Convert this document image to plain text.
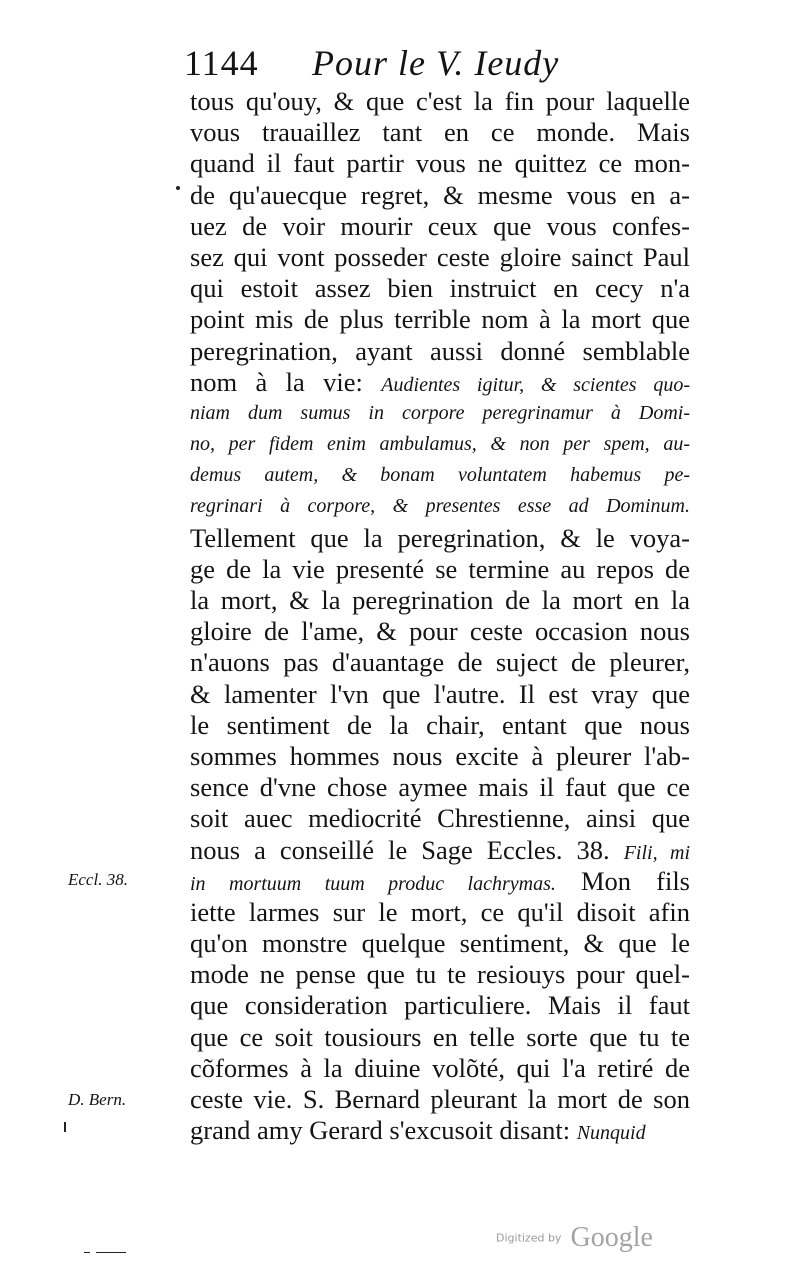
1144 Pour le V. Ieudy
tous qu'ouy, & que c'est la fin pour laquelle
vous trauaillez tant en ce monde. Mais
quand il faut partir vous ne quittez ce mon-
de qu'auecque regret, & mesme vous en a-
uez de voir mourir ceux que vous confes-
sez qui vont posseder ceste gloire sainct Paul
qui estoit assez bien instruict en cecy n'a
point mis de plus terrible nom à la mort que
peregrination, ayant aussi donné semblable
nom à la vie: Audientes igitur, & scientes quo-
niam dum sumus in corpore peregrinamur à Domi-
no, per fidem enim ambulamus, & non per spem, au-
demus autem, & bonam voluntatem habemus pe-
regrinari à corpore, & presentes esse ad Dominum.
Tellement que la peregrination, & le voya-
ge de la vie presenté se termine au repos de
la mort, & la peregrination de la mort en la
gloire de l'ame, & pour ceste occasion nous
n'auons pas d'auantage de suject de pleurer,
& lamenter l'vn que l'autre. Il est vray que
le sentiment de la chair, entant que nous
sommes hommes nous excite à pleurer l'ab-
sence d'vne chose aymee mais il faut que ce
soit auec mediocrité Chrestienne, ainsi que
nous a conseillé le Sage Eccles. 38. Fili, mi
in mortuum tuum produc lachrymas. Mon fils
iette larmes sur le mort, ce qu'il disoit afin
qu'on monstre quelque sentiment, & que le
mode ne pense que tu te resiouys pour quel-
que consideration particuliere. Mais il faut
que ce soit tousiours en telle sorte que tu te
cõformes à la diuine volõté, qui l'a retiré de
ceste vie. S. Bernard pleurant la mort de son
grand amy Gerard s'excusoit disant: Nunquid
Eccl. 38.
D. Bern.
Digitized by Google
